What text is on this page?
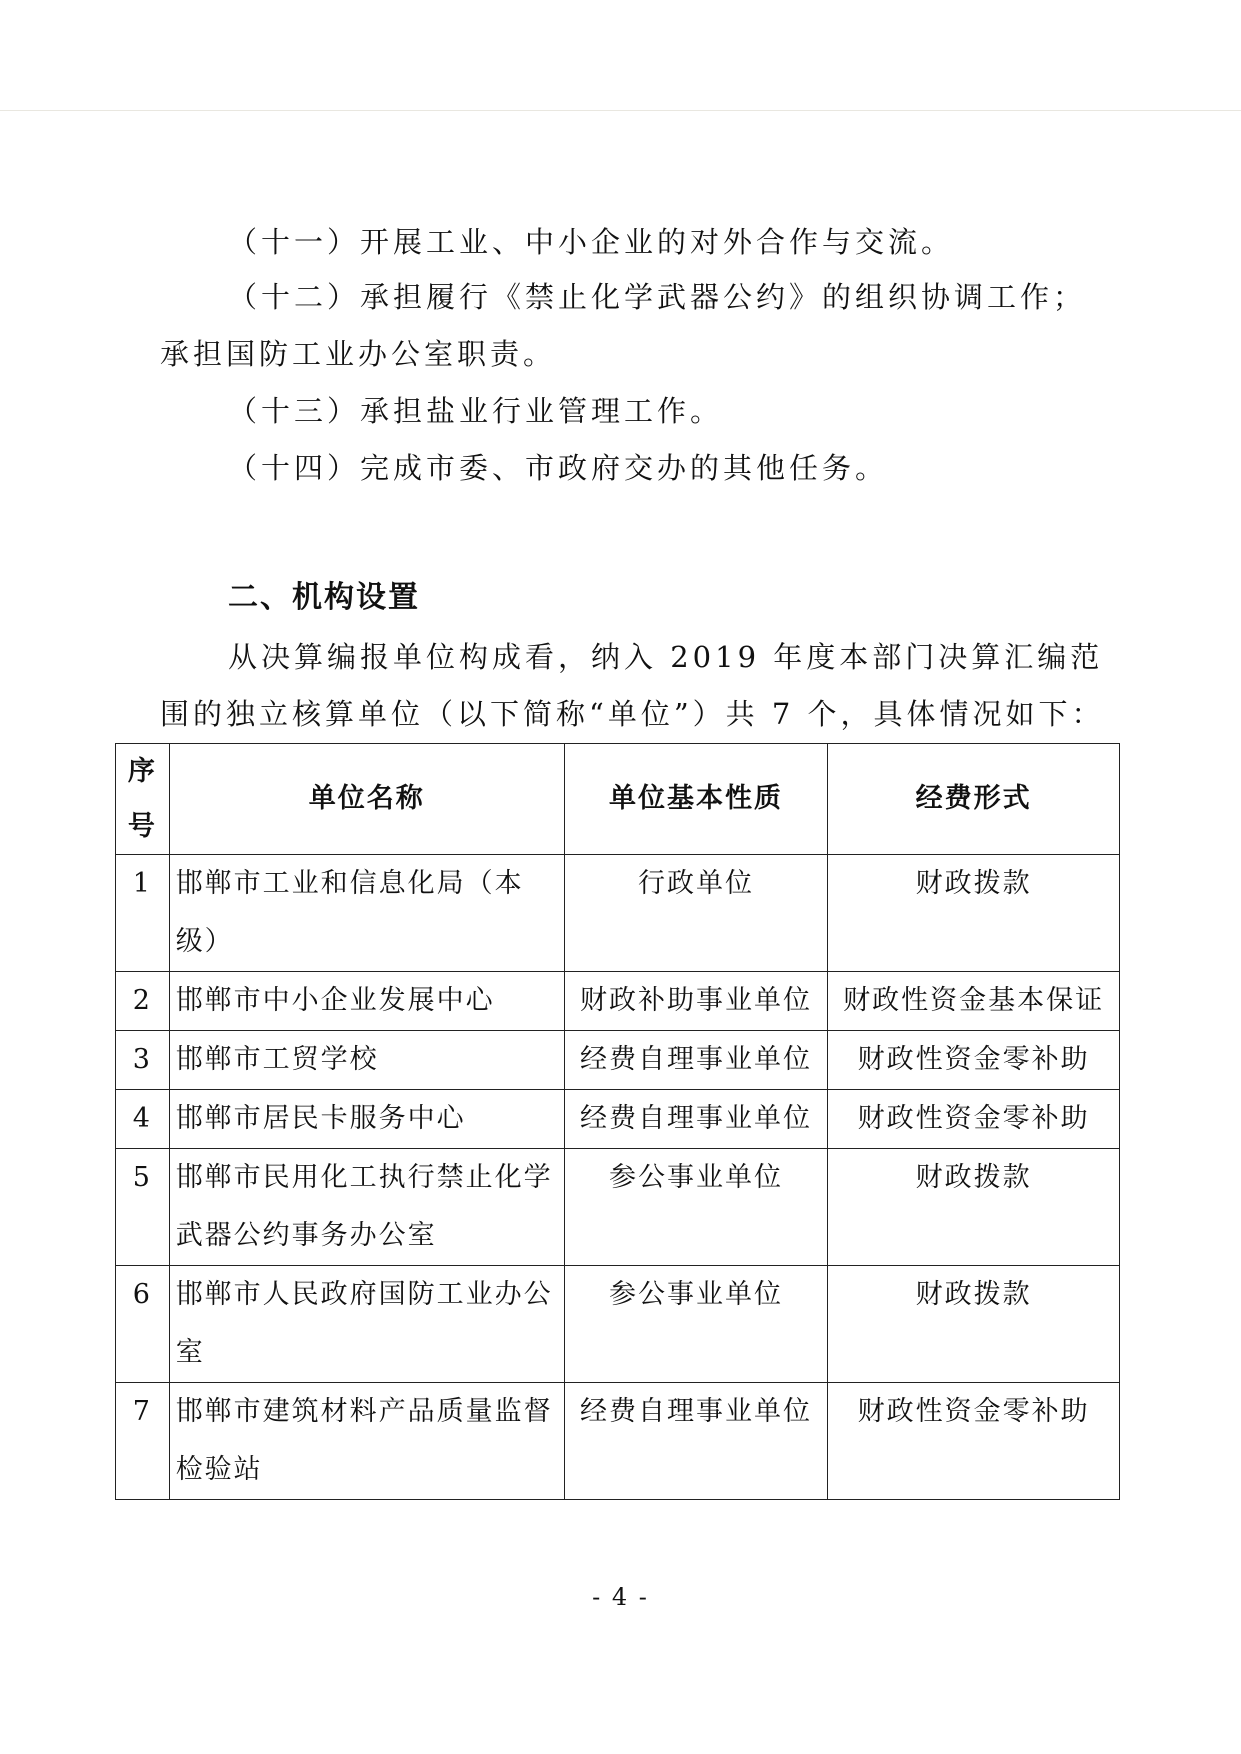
（十一）开展工业、中小企业的对外合作与交流。
（十二）承担履行《禁止化学武器公约》的组织协调工作；
承担国防工业办公室职责。
（十三）承担盐业行业管理工作。
（十四）完成市委、市政府交办的其他任务。
二、机构设置
从决算编报单位构成看，纳入 2019 年度本部门决算汇编范
围的独立核算单位（以下简称“单位”）共 7 个，具体情况如下：
序
号	单位名称	单位基本性质	经费形式
1	邯郸市工业和信息化局（本级）	行政单位	财政拨款
2	邯郸市中小企业发展中心	财政补助事业单位	财政性资金基本保证
3	邯郸市工贸学校	经费自理事业单位	财政性资金零补助
4	邯郸市居民卡服务中心	经费自理事业单位	财政性资金零补助
5	邯郸市民用化工执行禁止化学武器公约事务办公室	参公事业单位	财政拨款
6	邯郸市人民政府国防工业办公室	参公事业单位	财政拨款
7	邯郸市建筑材料产品质量监督检验站	经费自理事业单位	财政性资金零补助
- 4 -
